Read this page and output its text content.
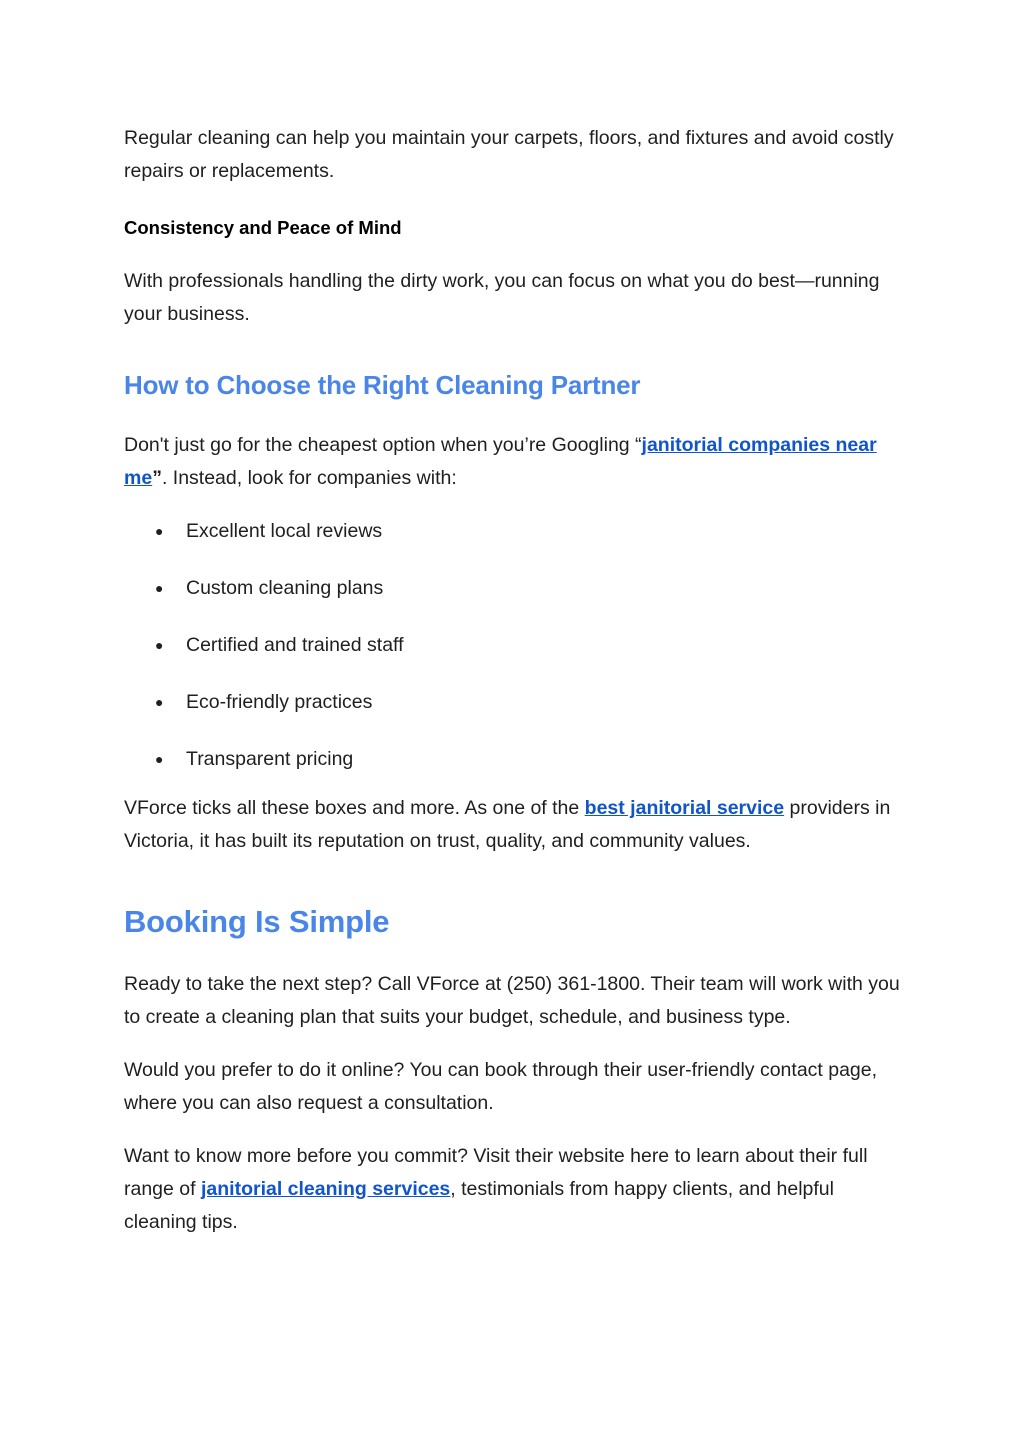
Regular cleaning can help you maintain your carpets, floors, and fixtures and avoid costly repairs or replacements.

Consistency and Peace of Mind

With professionals handling the dirty work, you can focus on what you do best—running your business.

How to Choose the Right Cleaning Partner

Don't just go for the cheapest option when you’re Googling “janitorial companies near me”. Instead, look for companies with:

● Excellent local reviews
● Custom cleaning plans
● Certified and trained staff
● Eco-friendly practices
● Transparent pricing

VForce ticks all these boxes and more. As one of the best janitorial service providers in Victoria, it has built its reputation on trust, quality, and community values.

Booking Is Simple

Ready to take the next step? Call VForce at (250) 361-1800. Their team will work with you to create a cleaning plan that suits your budget, schedule, and business type.

Would you prefer to do it online? You can book through their user-friendly contact page, where you can also request a consultation.

Want to know more before you commit? Visit their website here to learn about their full range of janitorial cleaning services, testimonials from happy clients, and helpful cleaning tips.
